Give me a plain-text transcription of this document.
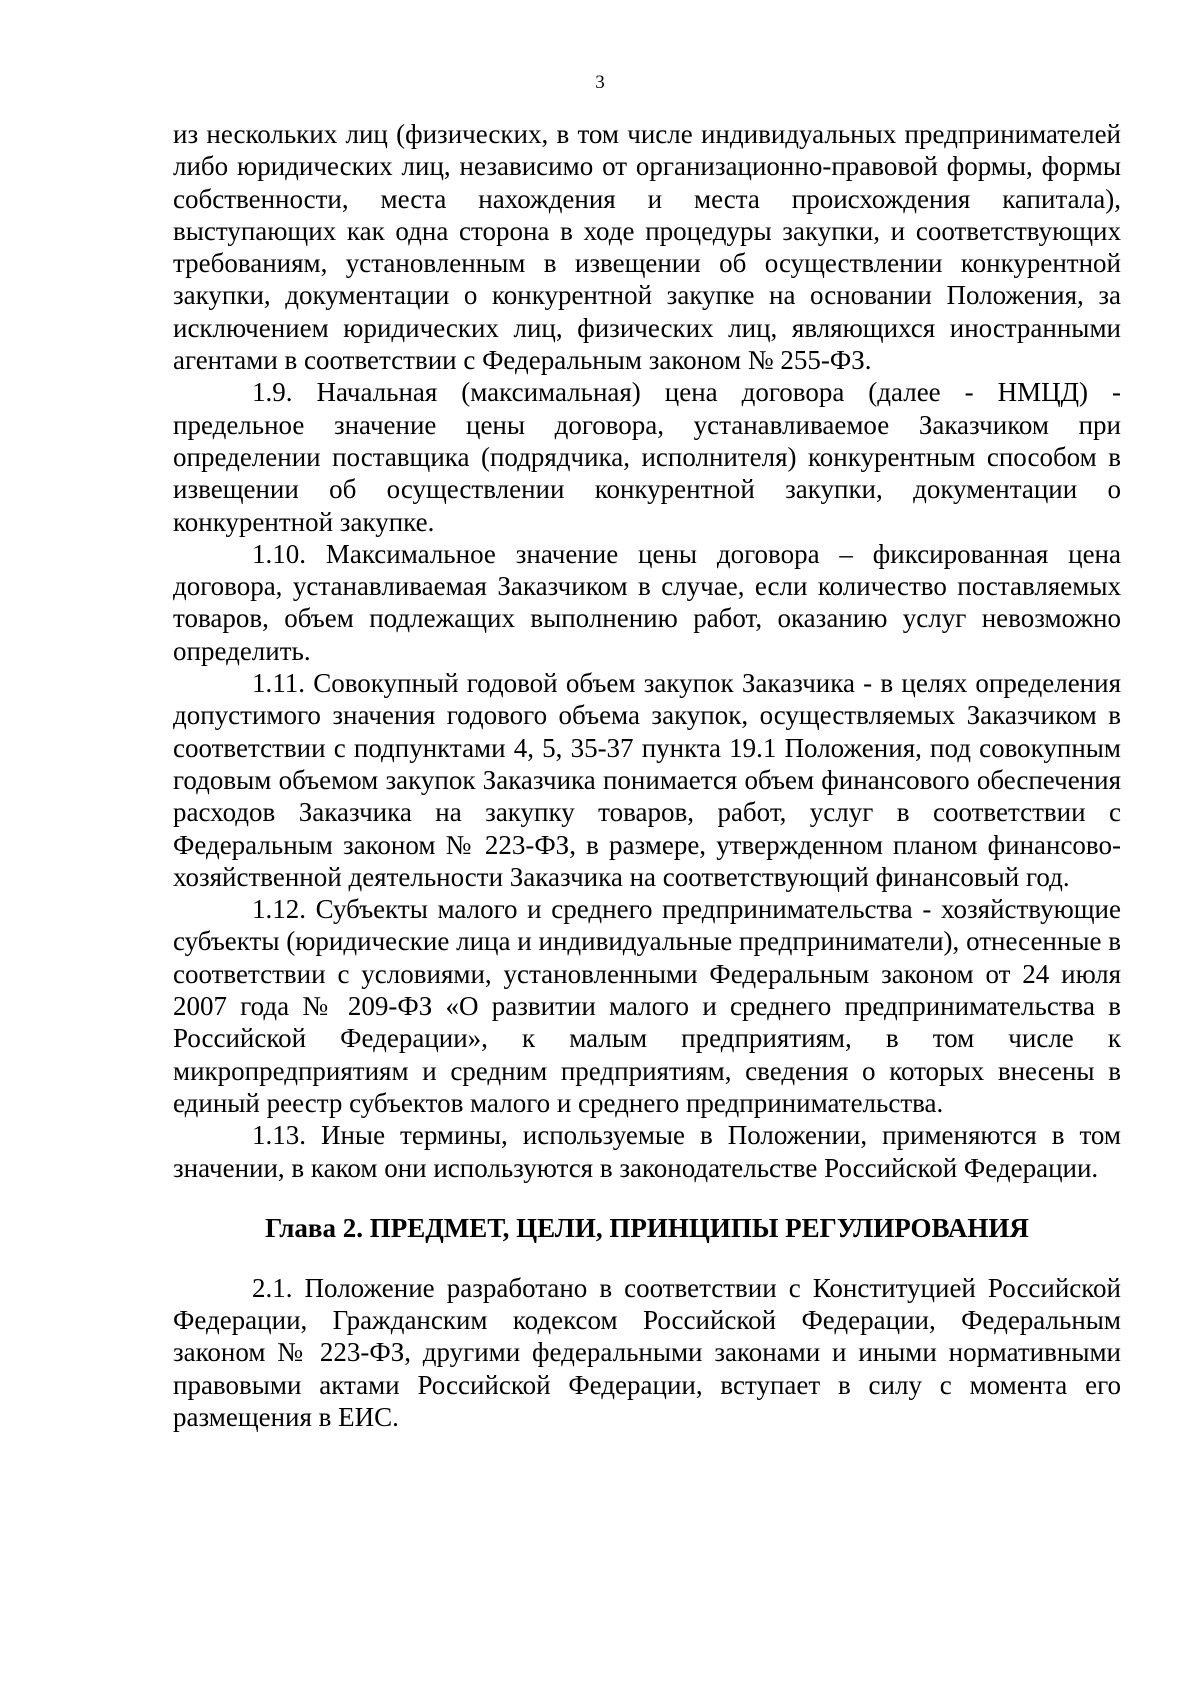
3

из нескольких лиц (физических, в том числе индивидуальных предпринимателей либо юридических лиц, независимо от организационно-правовой формы, формы собственности, места нахождения и места происхождения капитала), выступающих как одна сторона в ходе процедуры закупки, и соответствующих требованиям, установленным в извещении об осуществлении конкурентной закупки, документации о конкурентной закупке на основании Положения, за исключением юридических лиц, физических лиц, являющихся иностранными агентами в соответствии с Федеральным законом № 255-ФЗ.

1.9. Начальная (максимальная) цена договора (далее - НМЦД) - предельное значение цены договора, устанавливаемое Заказчиком при определении поставщика (подрядчика, исполнителя) конкурентным способом в извещении об осуществлении конкурентной закупки, документации о конкурентной закупке.

1.10. Максимальное значение цены договора – фиксированная цена договора, устанавливаемая Заказчиком в случае, если количество поставляемых товаров, объем подлежащих выполнению работ, оказанию услуг невозможно определить.

1.11. Совокупный годовой объем закупок Заказчика - в целях определения допустимого значения годового объема закупок, осуществляемых Заказчиком в соответствии с подпунктами 4, 5, 35-37 пункта 19.1 Положения, под совокупным годовым объемом закупок Заказчика понимается объем финансового обеспечения расходов Заказчика на закупку товаров, работ, услуг в соответствии с Федеральным законом № 223-ФЗ, в размере, утвержденном планом финансово-хозяйственной деятельности Заказчика на соответствующий финансовый год.

1.12. Субъекты малого и среднего предпринимательства - хозяйствующие субъекты (юридические лица и индивидуальные предприниматели), отнесенные в соответствии с условиями, установленными Федеральным законом от 24 июля 2007 года № 209-ФЗ «О развитии малого и среднего предпринимательства в Российской Федерации», к малым предприятиям, в том числе к микропредприятиям и средним предприятиям, сведения о которых внесены в единый реестр субъектов малого и среднего предпринимательства.

1.13. Иные термины, используемые в Положении, применяются в том значении, в каком они используются в законодательстве Российской Федерации.

Глава 2. ПРЕДМЕТ, ЦЕЛИ, ПРИНЦИПЫ РЕГУЛИРОВАНИЯ

2.1. Положение разработано в соответствии с Конституцией Российской Федерации, Гражданским кодексом Российской Федерации, Федеральным законом № 223-ФЗ, другими федеральными законами и иными нормативными правовыми актами Российской Федерации, вступает в силу с момента его размещения в ЕИС.
